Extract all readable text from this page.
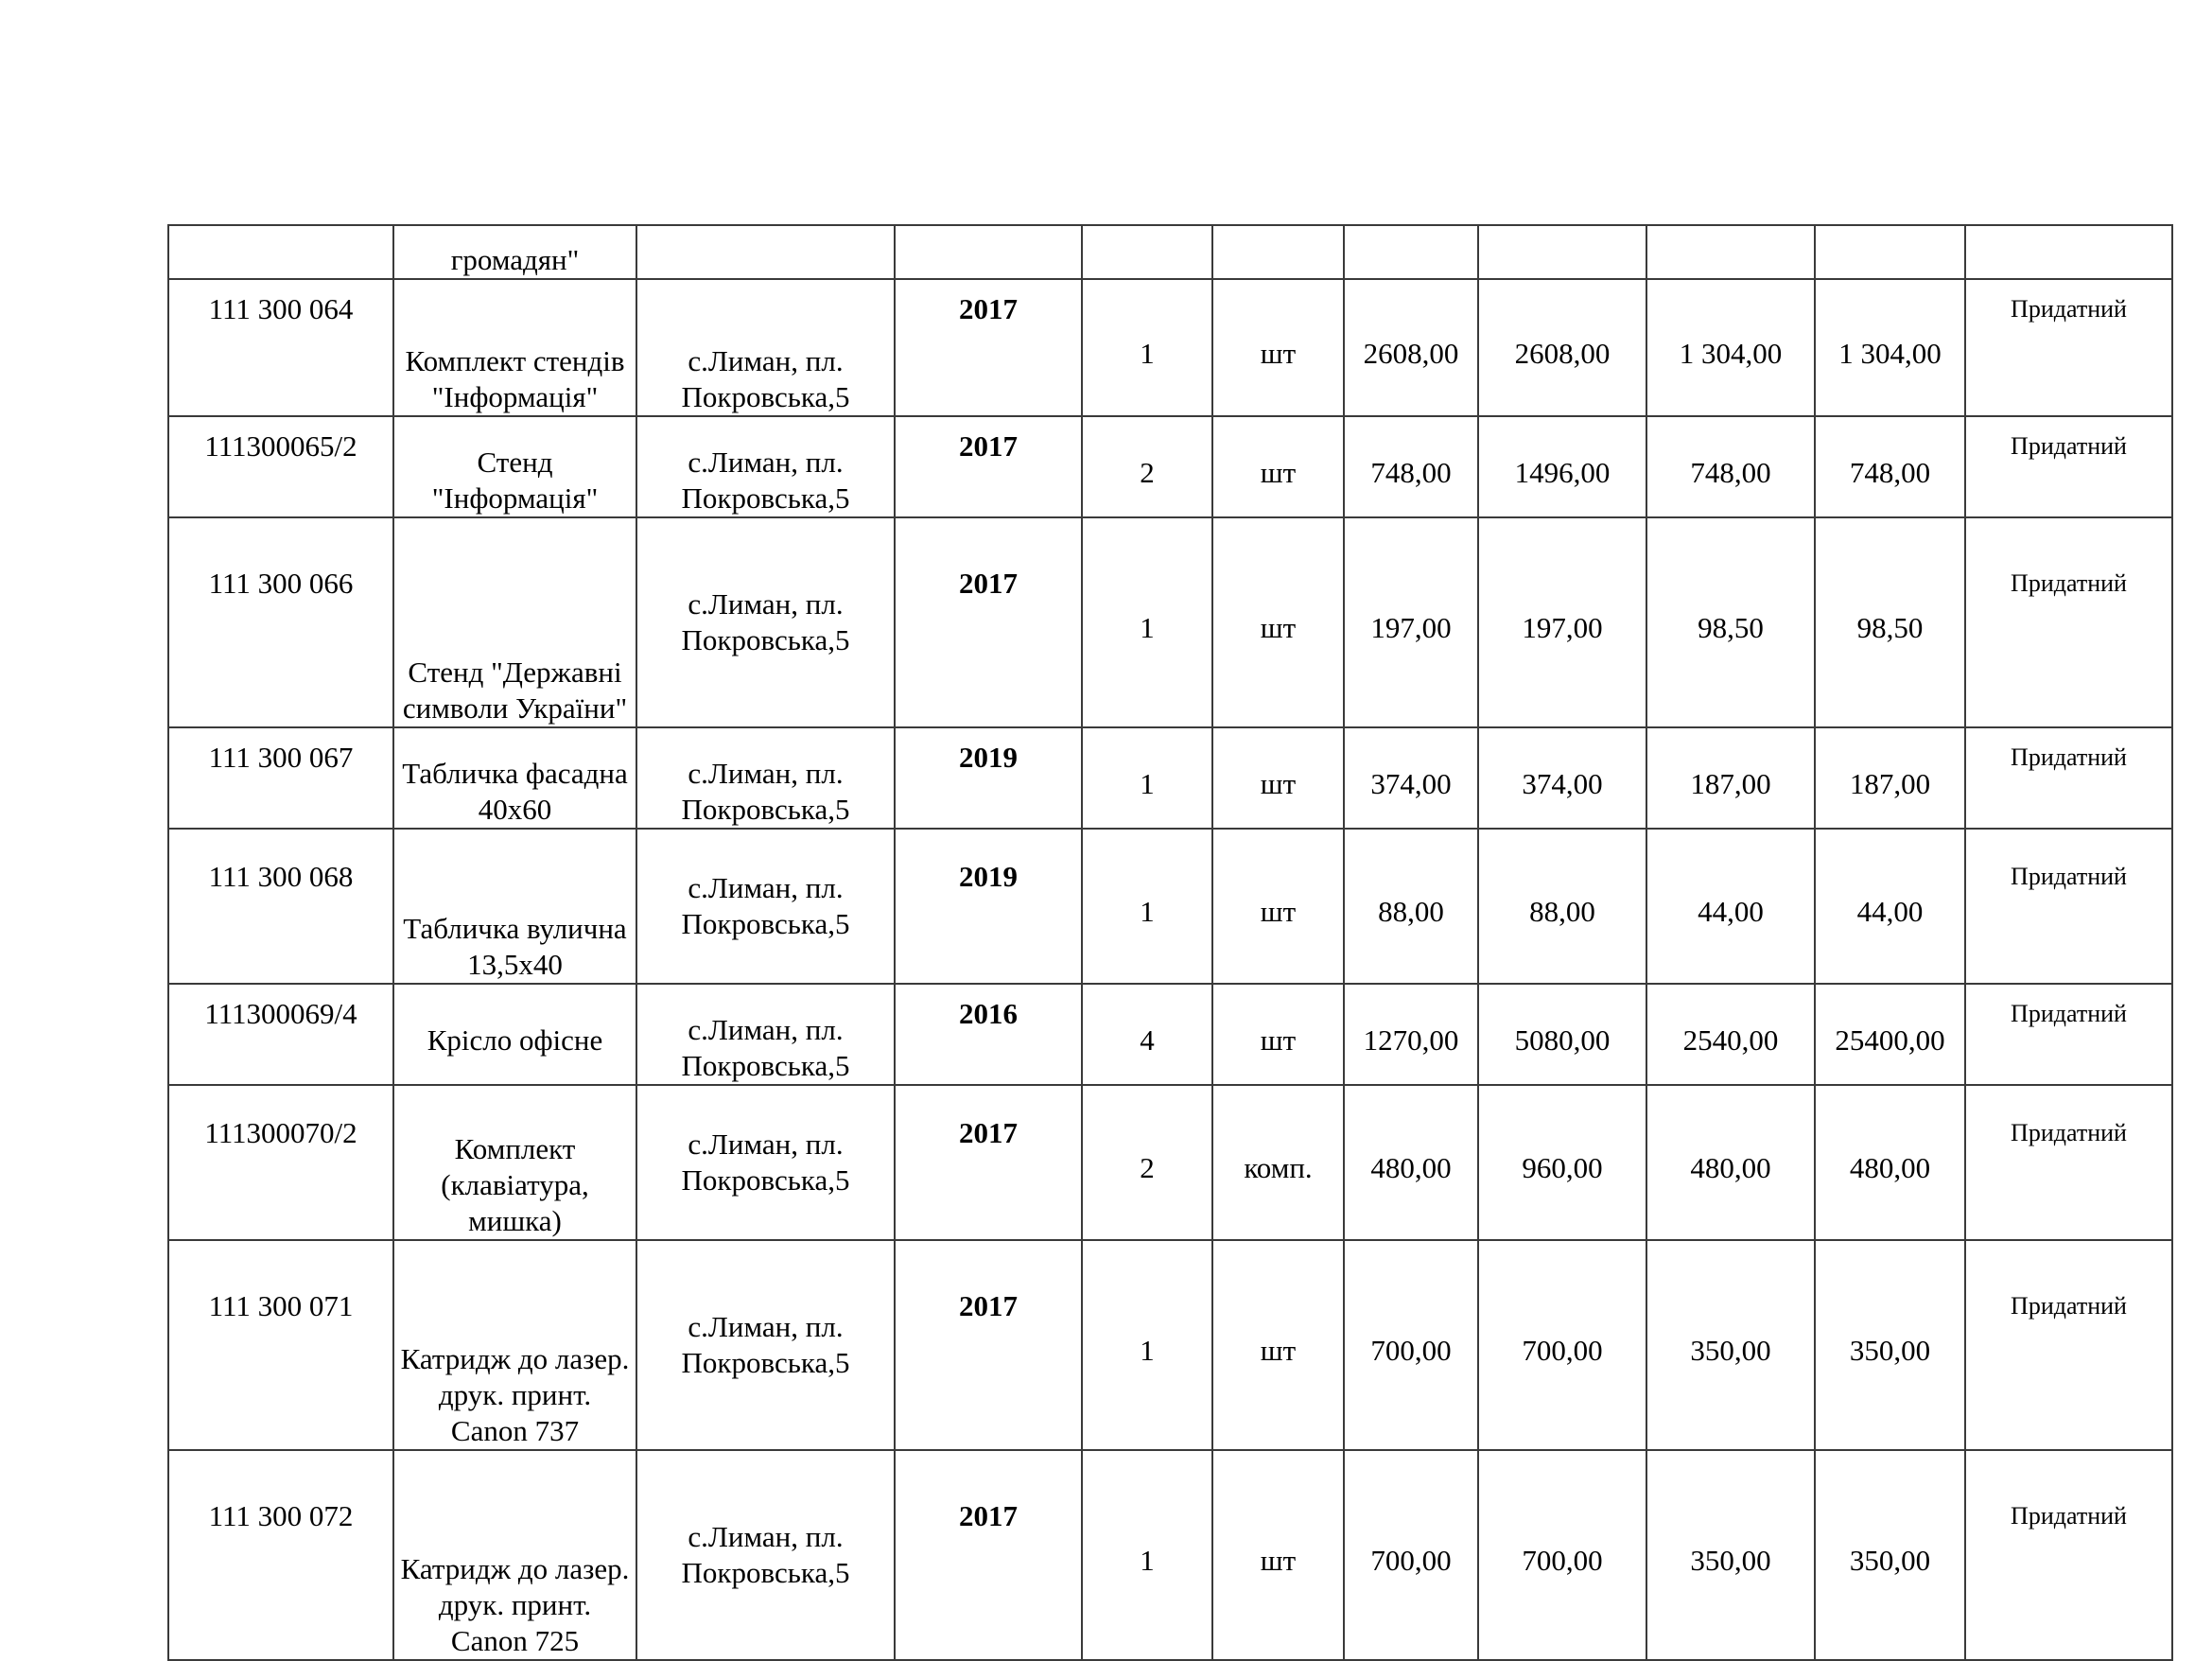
	громадян"									
111 300 064	Комплект стендів "Інформація"	с.Лиман, пл. Покровська,5	2017	1	шт	2608,00	2608,00	1 304,00	1 304,00	Придатний
111300065/2	Стенд "Інформація"	с.Лиман, пл. Покровська,5	2017	2	шт	748,00	1496,00	748,00	748,00	Придатний
111 300 066	Стенд "Державні символи України"	с.Лиман, пл. Покровська,5	2017	1	шт	197,00	197,00	98,50	98,50	Придатний
111 300 067	Табличка фасадна 40х60	с.Лиман, пл. Покровська,5	2019	1	шт	374,00	374,00	187,00	187,00	Придатний
111 300 068	Табличка вулична 13,5х40	с.Лиман, пл. Покровська,5	2019	1	шт	88,00	88,00	44,00	44,00	Придатний
111300069/4	Крісло офісне	с.Лиман, пл. Покровська,5	2016	4	шт	1270,00	5080,00	2540,00	25400,00	Придатний
111300070/2	Комплект (клавіатура, мишка)	с.Лиман, пл. Покровська,5	2017	2	комп.	480,00	960,00	480,00	480,00	Придатний
111 300 071	Катридж до лазер. друк. принт. Canon 737	с.Лиман, пл. Покровська,5	2017	1	шт	700,00	700,00	350,00	350,00	Придатний
111 300 072	Катридж до лазер. друк. принт. Canon 725	с.Лиман, пл. Покровська,5	2017	1	шт	700,00	700,00	350,00	350,00	Придатний
